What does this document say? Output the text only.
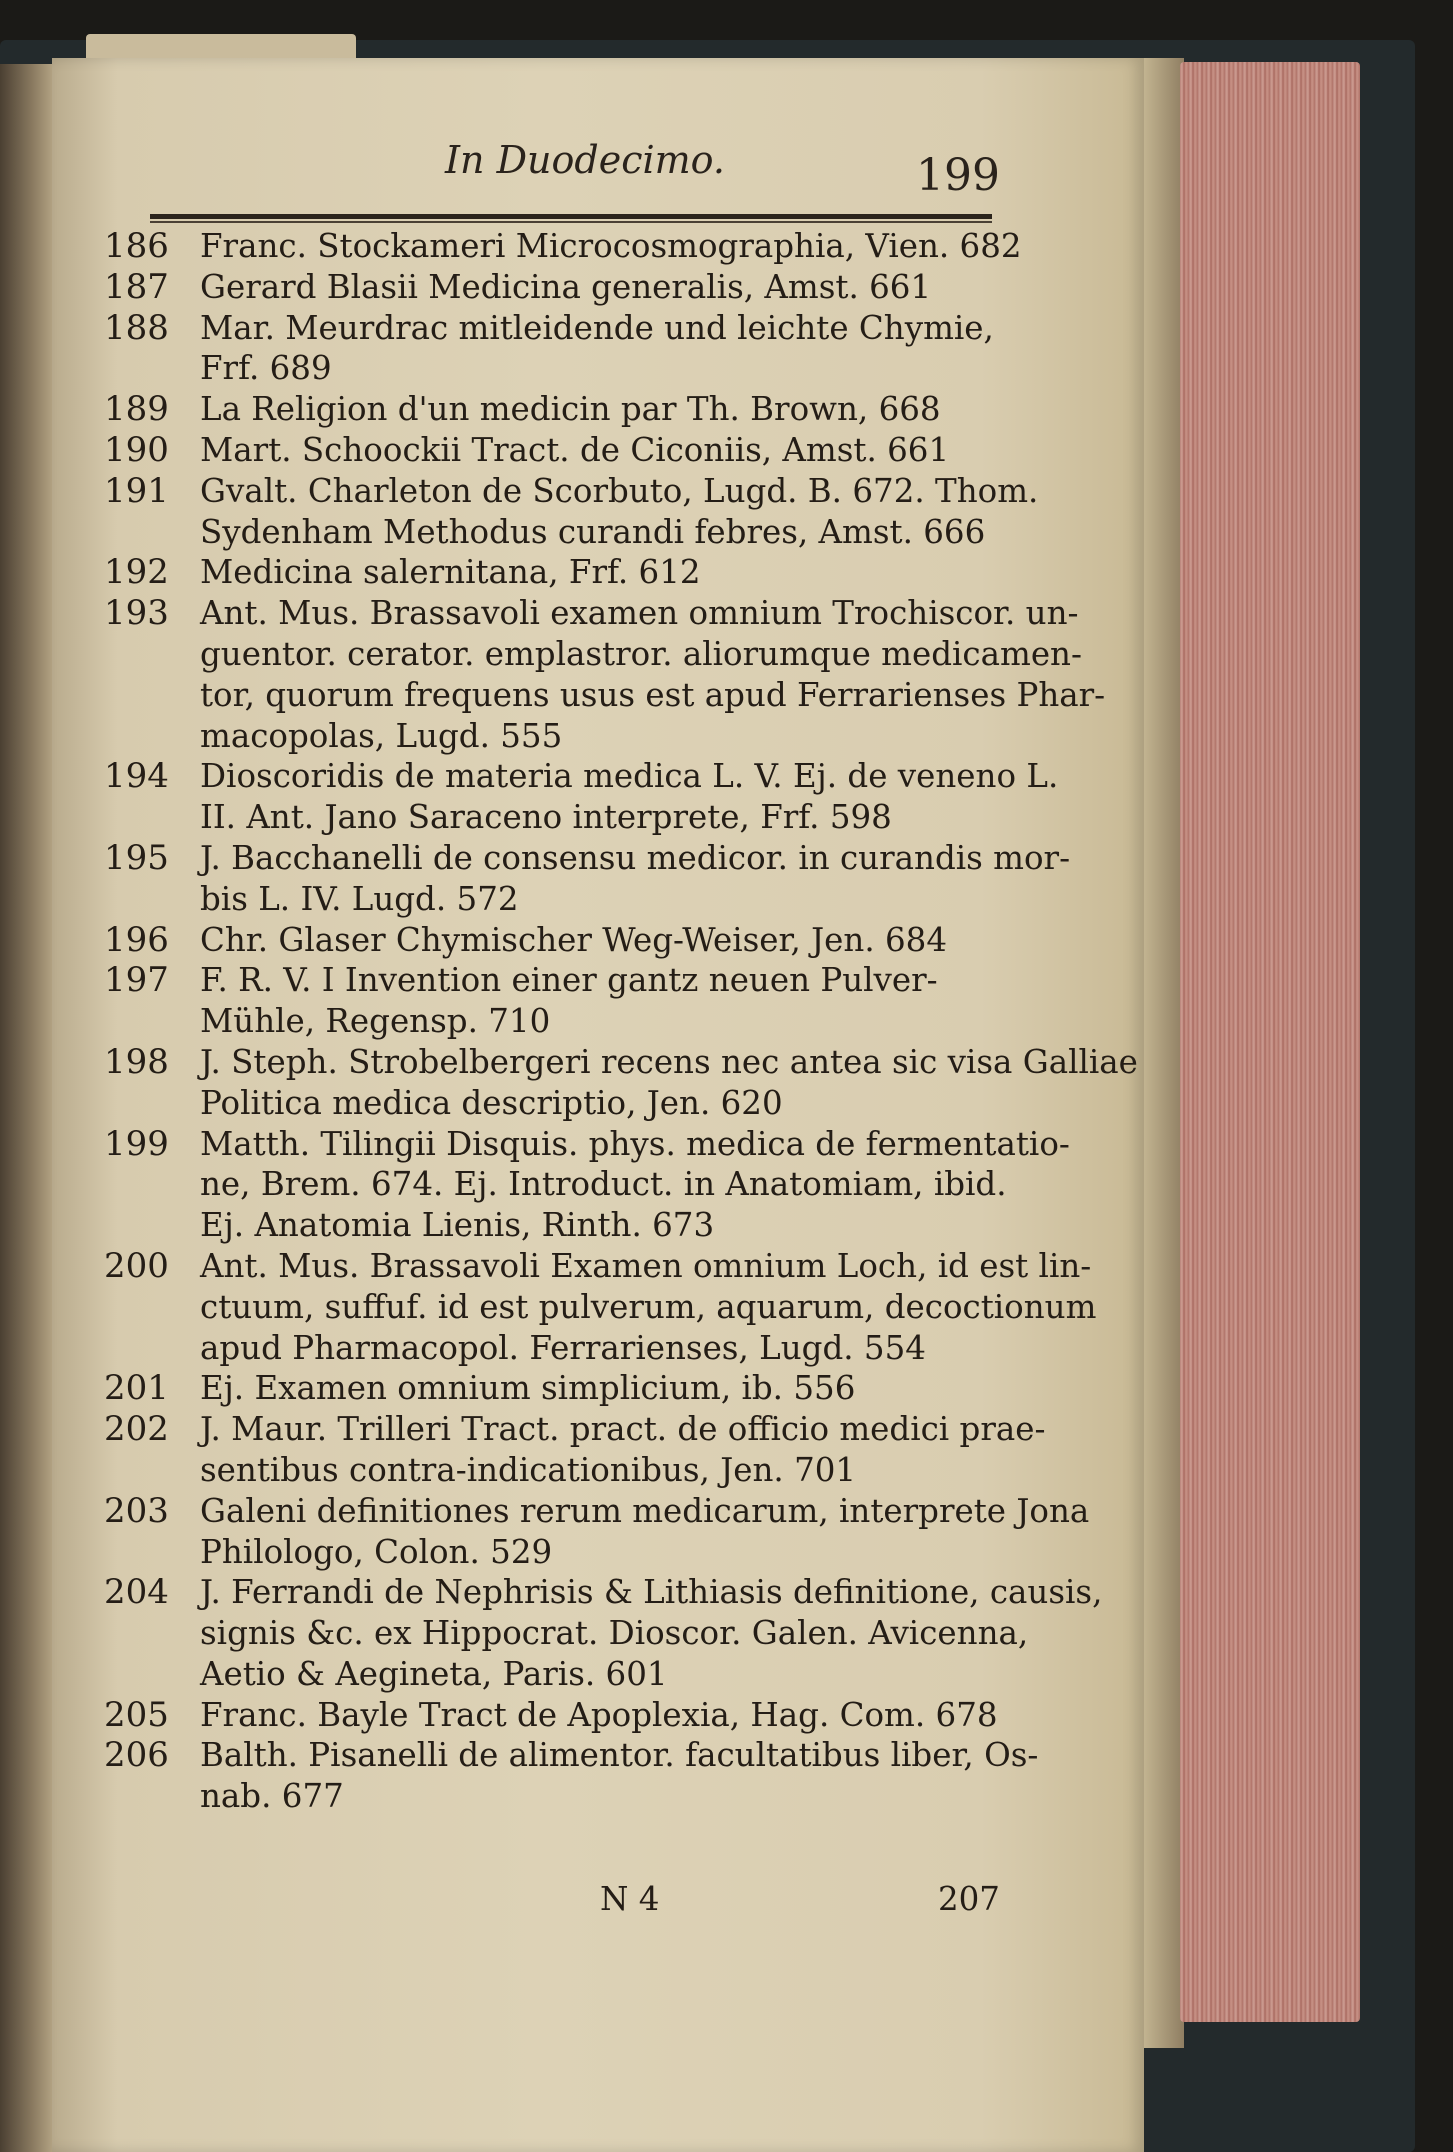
In Duodecimo.	199
186 Franc. Stockameri Microcosmographia, Vien. 682
187 Gerard Blasii Medicina generalis, Amst. 661
188 Mar. Meurdrac mitleidende und leichte Chymie,
Frf. 689
189 La Religion d'un medicin par Th. Brown, 668
190 Mart. Schoockii Tract. de Ciconiis, Amst. 661
191 Gvalt. Charleton de Scorbuto, Lugd. B. 672. Thom.
Sydenham Methodus curandi febres, Amst. 666
192 Medicina salernitana, Frf. 612
193 Ant. Mus. Brassavoli examen omnium Trochiscor. un-
guentor. cerator. emplastror. aliorumque medicamen-
tor, quorum frequens usus est apud Ferrarienses Phar-
macopolas, Lugd. 555
194 Dioscoridis de materia medica L. V. Ej. de veneno L.
II. Ant. Jano Saraceno interprete, Frf. 598
195 J. Bacchanelli de consensu medicor. in curandis mor-
bis L. IV. Lugd. 572
196 Chr. Glaser Chymischer Weg-Weiser, Jen. 684
197 F. R. V. I Invention einer gantz neuen Pulver-
Mühle, Regensp. 710
198 J. Steph. Strobelbergeri recens nec antea sic visa Galliae
Politica medica descriptio, Jen. 620
199 Matth. Tilingii Disquis. phys. medica de fermentatio-
ne, Brem. 674. Ej. Introduct. in Anatomiam, ibid.
Ej. Anatomia Lienis, Rinth. 673
200 Ant. Mus. Brassavoli Examen omnium Loch, id est lin-
ctuum, suffuf. id est pulverum, aquarum, decoctionum
apud Pharmacopol. Ferrarienses, Lugd. 554
201 Ej. Examen omnium simplicium, ib. 556
202 J. Maur. Trilleri Tract. pract. de officio medici prae-
sentibus contra-indicationibus, Jen. 701
203 Galeni definitiones rerum medicarum, interprete Jona
Philologo, Colon. 529
204 J. Ferrandi de Nephrisis & Lithiasis definitione, causis,
signis &c. ex Hippocrat. Dioscor. Galen. Avicenna,
Aetio & Aegineta, Paris. 601
205 Franc. Bayle Tract de Apoplexia, Hag. Com. 678
206 Balth. Pisanelli de alimentor. facultatibus liber, Os-
nab. 677
N 4	207
